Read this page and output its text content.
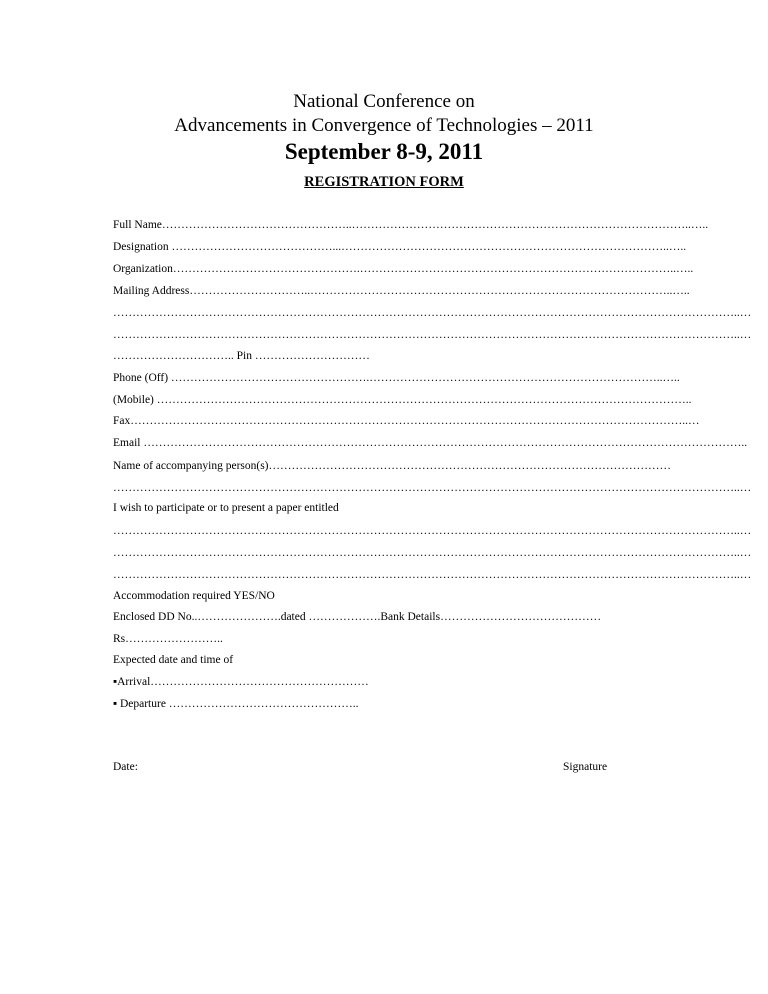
National Conference on
Advancements in Convergence of Technologies – 2011
September 8-9, 2011
REGISTRATION FORM
Full Name…………………………………………..……………………………………………………………………………..…..
Designation ……………………………………...…………………………………………………………………………..…..
Organization………………………………………….………………………………………………………………………..…..
Mailing Address…………………………..…………………………………………………………………………………..…..
………………………………………………………………………………………………………………………………………………..…
………………………………………………………………………………………………………………………………………………..…
………………………….. Pin …………………………
Phone (Off) …………………………………………….…………………………………………………………………..…..
(Mobile) …………………………………………………………………………………………………………………………..
Fax………………………………………………………………………………………………………………………………..…
Email …………………………………………………………………………………………………………………………………………..
Name of accompanying person(s)……………………………………………………………………………………………
………………………………………………………………………………………………………………………………………………..…
I wish to participate or to present a paper entitled
………………………………………………………………………………………………………………………………………………..…
………………………………………………………………………………………………………………………………………………..…
………………………………………………………………………………………………………………………………………………..…
Accommodation required YES/NO
Enclosed DD No..………………….dated ……………….Bank Details……………………………………
Rs……………………..
Expected date and time of
▪Arrival…………………………………………………
▪ Departure …………………………………………..
Date:	Signature
